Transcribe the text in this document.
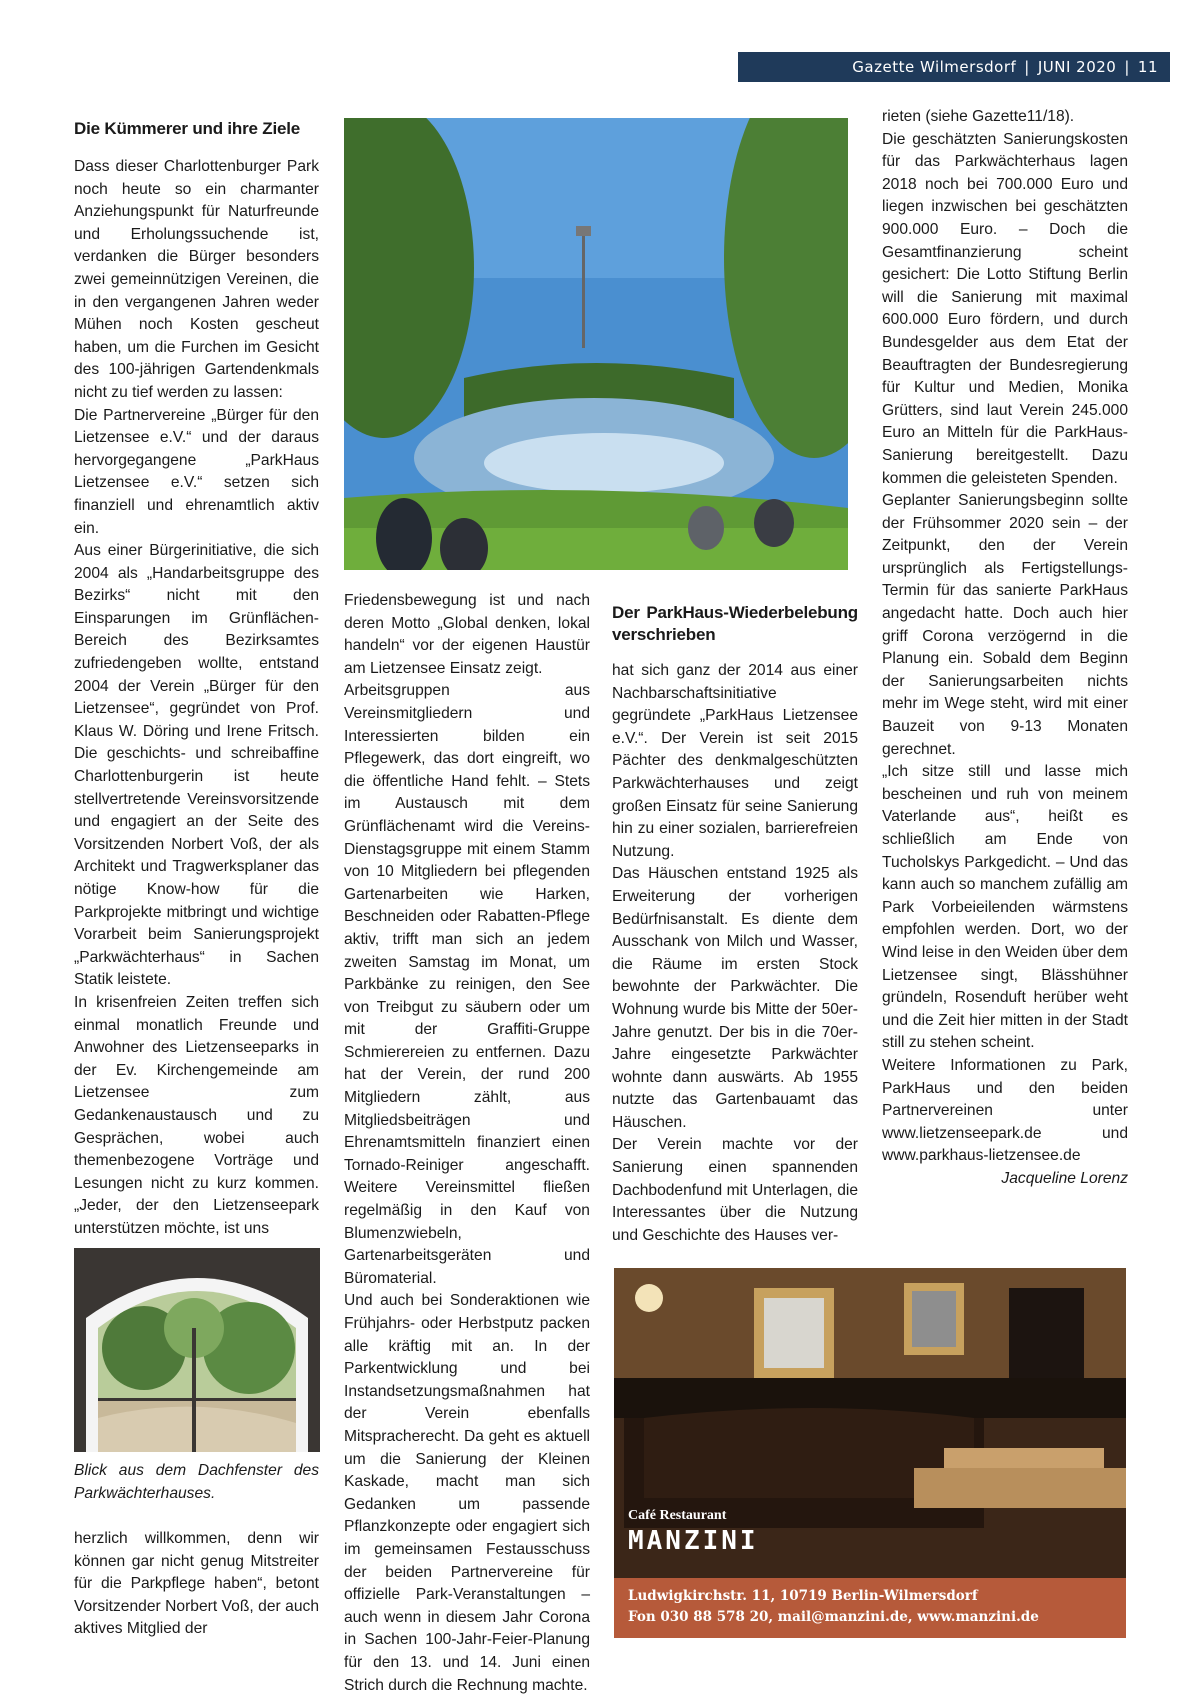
Gazette Wilmersdorf | JUNI 2020 | 11
Die Kümmerer und ihre Ziele

Dass dieser Charlottenburger Park noch heute so ein charmanter Anziehungspunkt für Naturfreunde und Erholungssuchende ist, verdanken die Bürger besonders zwei gemeinnützigen Vereinen, die in den vergangenen Jahren weder Mühen noch Kosten gescheut haben, um die Furchen im Gesicht des 100-jährigen Gartendenkmals nicht zu tief werden zu lassen:

Die Partnervereine „Bürger für den Lietzensee e.V.“ und der daraus hervorgegangene „ParkHaus Lietzensee e.V.“ setzen sich finanziell und ehrenamtlich aktiv ein.

Aus einer Bürgerinitiative, die sich 2004 als „Handarbeitsgruppe des Bezirks“ nicht mit den Einsparungen im Grünflächen-Bereich des Bezirksamtes zufriedengeben wollte, entstand 2004 der Verein „Bürger für den Lietzensee“, gegründet von Prof. Klaus W. Döring und Irene Fritsch. Die geschichts- und schreibaffine Charlottenburgerin ist heute stellvertretende Vereinsvorsitzende und engagiert an der Seite des Vorsitzenden Norbert Voß, der als Architekt und Tragwerksplaner das nötige Know-how für die Parkprojekte mitbringt und wichtige Vorarbeit beim Sanierungsprojekt „Parkwächterhaus“ in Sachen Statik leistete.

In krisenfreien Zeiten treffen sich einmal monatlich Freunde und Anwohner des Lietzenseeparks in der Ev. Kirchengemeinde am Lietzensee zum Gedankenaustausch und zu Gesprächen, wobei auch themenbezogene Vorträge und Lesungen nicht zu kurz kommen. „Jeder, der den Lietzenseepark unterstützen möchte, ist uns

Blick aus dem Dachfenster des Parkwächterhauses.
herzlich willkommen, denn wir können gar nicht genug Mitstreiter für die Parkpflege haben“, betont Vorsitzender Norbert Voß, der auch aktives Mitglied der

Friedensbewegung ist und nach deren Motto „Global denken, lokal handeln“ vor der eigenen Haustür am Lietzensee Einsatz zeigt.

Arbeitsgruppen aus Vereinsmitgliedern und Interessierten bilden ein Pflegewerk, das dort eingreift, wo die öffentliche Hand fehlt. – Stets im Austausch mit dem Grünflächenamt wird die Vereins-Dienstagsgruppe mit einem Stamm von 10 Mitgliedern bei pflegenden Gartenarbeiten wie Harken, Beschneiden oder Rabatten-Pflege aktiv, trifft man sich an jedem zweiten Samstag im Monat, um Parkbänke zu reinigen, den See von Treibgut zu säubern oder um mit der Graffiti-Gruppe Schmierereien zu entfernen. Dazu hat der Verein, der rund 200 Mitgliedern zählt, aus Mitgliedsbeiträgen und Ehrenamtsmitteln finanziert einen Tornado-Reiniger angeschafft. Weitere Vereinsmittel fließen regelmäßig in den Kauf von Blumenzwiebeln, Gartenarbeitsgeräten und Büromaterial.

Und auch bei Sonderaktionen wie Frühjahrs- oder Herbstputz packen alle kräftig mit an. In der Parkentwicklung und bei Instandsetzungsmaßnahmen hat der Verein ebenfalls Mitspracherecht. Da geht es aktuell um die Sanierung der Kleinen Kaskade, macht man sich Gedanken um passende Pflanzkonzepte oder engagiert sich im gemeinsamen Festausschuss der beiden Partnervereine für offizielle Park-Veranstaltungen – auch wenn in diesem Jahr Corona in Sachen 100-Jahr-Feier-Planung für den 13. und 14. Juni einen Strich durch die Rechnung machte.

Der ParkHaus-Wiederbelebung verschrieben

hat sich ganz der 2014 aus einer Nachbarschaftsinitiative gegründete „ParkHaus Lietzensee e.V.“. Der Verein ist seit 2015 Pächter des denkmalgeschützten Parkwächterhauses und zeigt großen Einsatz für seine Sanierung hin zu einer sozialen, barrierefreien Nutzung.

Das Häuschen entstand 1925 als Erweiterung der vorherigen Bedürfnisanstalt. Es diente dem Ausschank von Milch und Wasser, die Räume im ersten Stock bewohnte der Parkwächter. Die Wohnung wurde bis Mitte der 50er-Jahre genutzt. Der bis in die 70er-Jahre eingesetzte Parkwächter wohnte dann auswärts. Ab 1955 nutzte das Gartenbauamt das Häuschen.

Der Verein machte vor der Sanierung einen spannenden Dachbodenfund mit Unterlagen, die Interessantes über die Nutzung und Geschichte des Hauses ver-

rieten (siehe Gazette11/18).

Die geschätzten Sanierungskosten für das Parkwächterhaus lagen 2018 noch bei 700.000 Euro und liegen inzwischen bei geschätzten 900.000 Euro. – Doch die Gesamtfinanzierung scheint gesichert: Die Lotto Stiftung Berlin will die Sanierung mit maximal 600.000 Euro fördern, und durch Bundesgelder aus dem Etat der Beauftragten der Bundesregierung für Kultur und Medien, Monika Grütters, sind laut Verein 245.000 Euro an Mitteln für die ParkHaus-Sanierung bereitgestellt. Dazu kommen die geleisteten Spenden.

Geplanter Sanierungsbeginn sollte der Frühsommer 2020 sein – der Zeitpunkt, den der Verein ursprünglich als Fertigstellungs-Termin für das sanierte ParkHaus angedacht hatte. Doch auch hier griff Corona verzögernd in die Planung ein. Sobald dem Beginn der Sanierungsarbeiten nichts mehr im Wege steht, wird mit einer Bauzeit von 9-13 Monaten gerechnet.

„Ich sitze still und lasse mich bescheinen und ruh von meinem Vaterlande aus“, heißt es schließlich am Ende von Tucholskys Parkgedicht. – Und das kann auch so manchem zufällig am Park Vorbeieilenden wärmstens empfohlen werden. Dort, wo der Wind leise in den Weiden über dem Lietzensee singt, Blässhühner gründeln, Rosenduft herüber weht und die Zeit hier mitten in der Stadt still zu stehen scheint.

Weitere Informationen zu Park, ParkHaus und den beiden Partnervereinen unter www.lietzenseepark.de und www.parkhaus-lietzensee.de

Jacqueline Lorenz

Café Restaurant
MANZINI
Ludwigkirchstr. 11, 10719 Berlin-Wilmersdorf
Fon 030 88 578 20, mail@manzini.de, www.manzini.de
